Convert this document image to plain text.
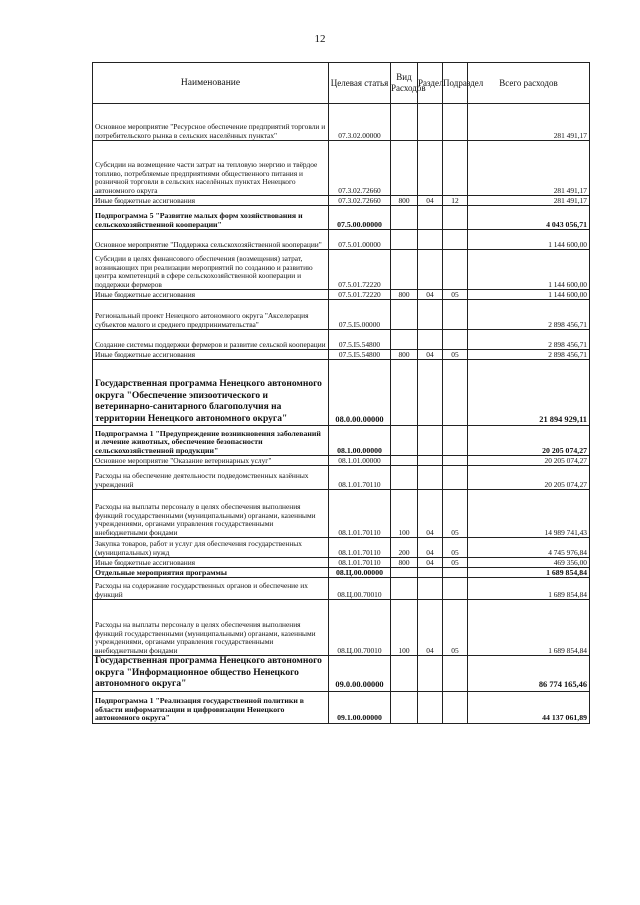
12
Наименование	Целевая статья	Вид Расходов	Раздел	Подраздел	Всего расходов
Основное мероприятие "Ресурсное обеспечение предприятий торговли и потребительского рынка в сельских населённых пунктах"	07.3.02.00000				281 491,17
Субсидии на возмещение части затрат на тепловую энергию и твёрдое топливо, потребляемые предприятиями общественного питания и розничной торговли в сельских населённых пунктах Ненецкого автономного округа	07.3.02.72660				281 491,17
Иные бюджетные ассигнования	07.3.02.72660	800	04	12	281 491,17
Подпрограмма 5 "Развитие малых форм хозяйствования и сельскохозяйственной кооперации"	07.5.00.00000				4 043 056,71
Основное мероприятие "Поддержка сельскохозяйственной кооперации"	07.5.01.00000				1 144 600,00
Субсидии в целях финансового обеспечения (возмещения) затрат, возникающих при реализации мероприятий по созданию и развитию центра компетенций в сфере сельскохозяйственной кооперации и поддержки фермеров	07.5.01.72220				1 144 600,00
Иные бюджетные ассигнования	07.5.01.72220	800	04	05	1 144 600,00
Региональный проект Ненецкого автономного округа "Акселерация субъектов малого и среднего предпринимательства"	07.5.I5.00000				2 898 456,71
Создание системы поддержки фермеров и развитие сельской кооперации	07.5.I5.54800				2 898 456,71
Иные бюджетные ассигнования	07.5.I5.54800	800	04	05	2 898 456,71
Государственная программа Ненецкого автономного округа "Обеспечение эпизоотического и ветеринарно-санитарного благополучия на территории Ненецкого автономного округа"	08.0.00.00000				21 894 929,11
Подпрограмма 1 "Предупреждение возникновения заболеваний и лечение животных, обеспечение безопасности сельскохозяйственной продукции"	08.1.00.00000				20 205 074,27
Основное мероприятие "Оказание ветеринарных услуг"	08.1.01.00000				20 205 074,27
Расходы на обеспечение деятельности подведомственных казённых учреждений	08.1.01.70110				20 205 074,27
Расходы на выплаты персоналу в целях обеспечения выполнения функций государственными (муниципальными) органами, казенными учреждениями, органами управления государственными внебюджетными фондами	08.1.01.70110	100	04	05	14 989 741,43
Закупка товаров, работ и услуг для обеспечения государственных (муниципальных) нужд	08.1.01.70110	200	04	05	4 745 976,84
Иные бюджетные ассигнования	08.1.01.70110	800	04	05	469 356,00
Отдельные мероприятия программы	08.Ц.00.00000				1 689 854,84
Расходы на содержание государственных органов и обеспечение их функций	08.Ц.00.70010				1 689 854,84
Расходы на выплаты персоналу в целях обеспечения выполнения функций государственными (муниципальными) органами, казенными учреждениями, органами управления государственными внебюджетными фондами	08.Ц.00.70010	100	04	05	1 689 854,84
Государственная программа Ненецкого автономного округа "Информационное общество Ненецкого автономного округа"	09.0.00.00000				86 774 165,46
Подпрограмма 1 "Реализация государственной политики в области информатизации и цифровизации Ненецкого автономного округа"	09.1.00.00000				44 137 061,89
